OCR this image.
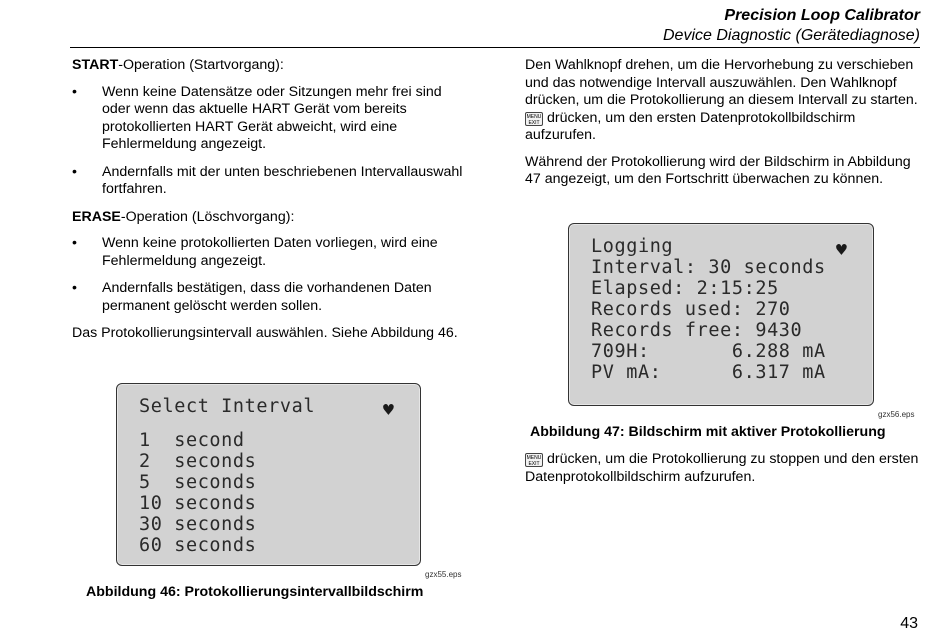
Precision Loop Calibrator
Device Diagnostic (Gerätediagnose)

START-Operation (Startvorgang):

• Wenn keine Datensätze oder Sitzungen mehr frei sind oder wenn das aktuelle HART Gerät vom bereits protokollierten HART Gerät abweicht, wird eine Fehlermeldung angezeigt.
• Andernfalls mit der unten beschriebenen Intervallauswahl fortfahren.

ERASE-Operation (Löschvorgang):

• Wenn keine protokollierten Daten vorliegen, wird eine Fehlermeldung angezeigt.
• Andernfalls bestätigen, dass die vorhandenen Daten permanent gelöscht werden sollen.

Das Protokollierungsintervall auswählen. Siehe Abbildung 46.

Select Interval	♥
1  second
2  seconds
5  seconds
10 seconds
30 seconds
60 seconds
gzx55.eps
Abbildung 46: Protokollierungsintervallbildschirm

Den Wahlknopf drehen, um die Hervorhebung zu verschieben und das notwendige Intervall auszuwählen. Den Wahlknopf drücken, um die Protokollierung an diesem Intervall zu starten. MENU
EXIT drücken, um den ersten Datenprotokollbildschirm aufzurufen.

Während der Protokollierung wird der Bildschirm in Abbildung 47 angezeigt, um den Fortschritt überwachen zu können.

Logging	♥
Interval: 30 seconds
Elapsed: 2:15:25
Records used: 270
Records free: 9430
709H:       6.288 mA
PV mA:      6.317 mA
gzx56.eps
Abbildung 47: Bildschirm mit aktiver Protokollierung
MENU
EXIT drücken, um die Protokollierung zu stoppen und den ersten Datenprotokollbildschirm aufzurufen.
43
